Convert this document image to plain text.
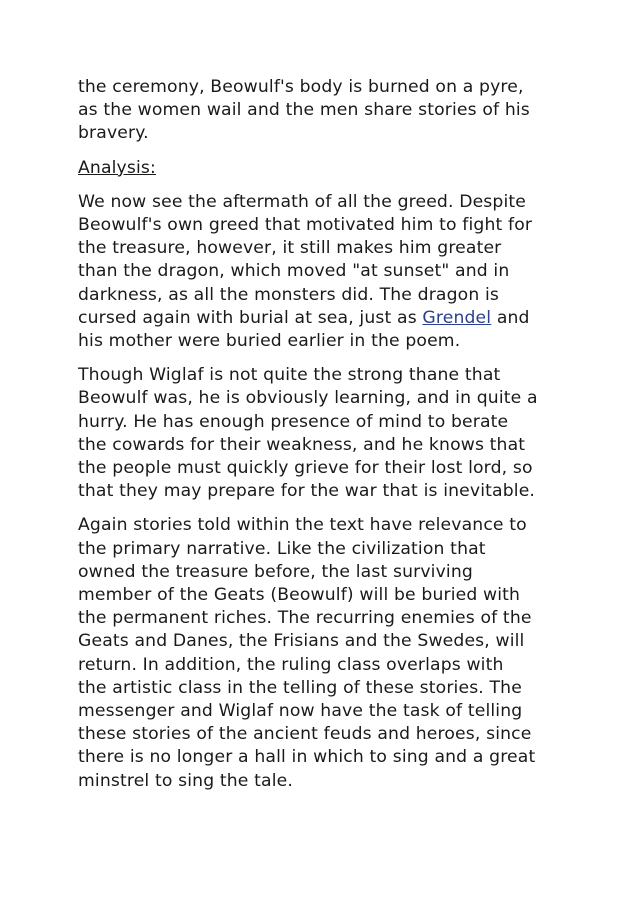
the ceremony, Beowulf's body is burned on a pyre,
as the women wail and the men share stories of his
bravery.

Analysis:

We now see the aftermath of all the greed. Despite
Beowulf's own greed that motivated him to fight for
the treasure, however, it still makes him greater
than the dragon, which moved "at sunset" and in
darkness, as all the monsters did. The dragon is
cursed again with burial at sea, just as Grendel and
his mother were buried earlier in the poem.

Though Wiglaf is not quite the strong thane that
Beowulf was, he is obviously learning, and in quite a
hurry. He has enough presence of mind to berate
the cowards for their weakness, and he knows that
the people must quickly grieve for their lost lord, so
that they may prepare for the war that is inevitable.

Again stories told within the text have relevance to
the primary narrative. Like the civilization that
owned the treasure before, the last surviving
member of the Geats (Beowulf) will be buried with
the permanent riches. The recurring enemies of the
Geats and Danes, the Frisians and the Swedes, will
return. In addition, the ruling class overlaps with
the artistic class in the telling of these stories. The
messenger and Wiglaf now have the task of telling
these stories of the ancient feuds and heroes, since
there is no longer a hall in which to sing and a great
minstrel to sing the tale.
